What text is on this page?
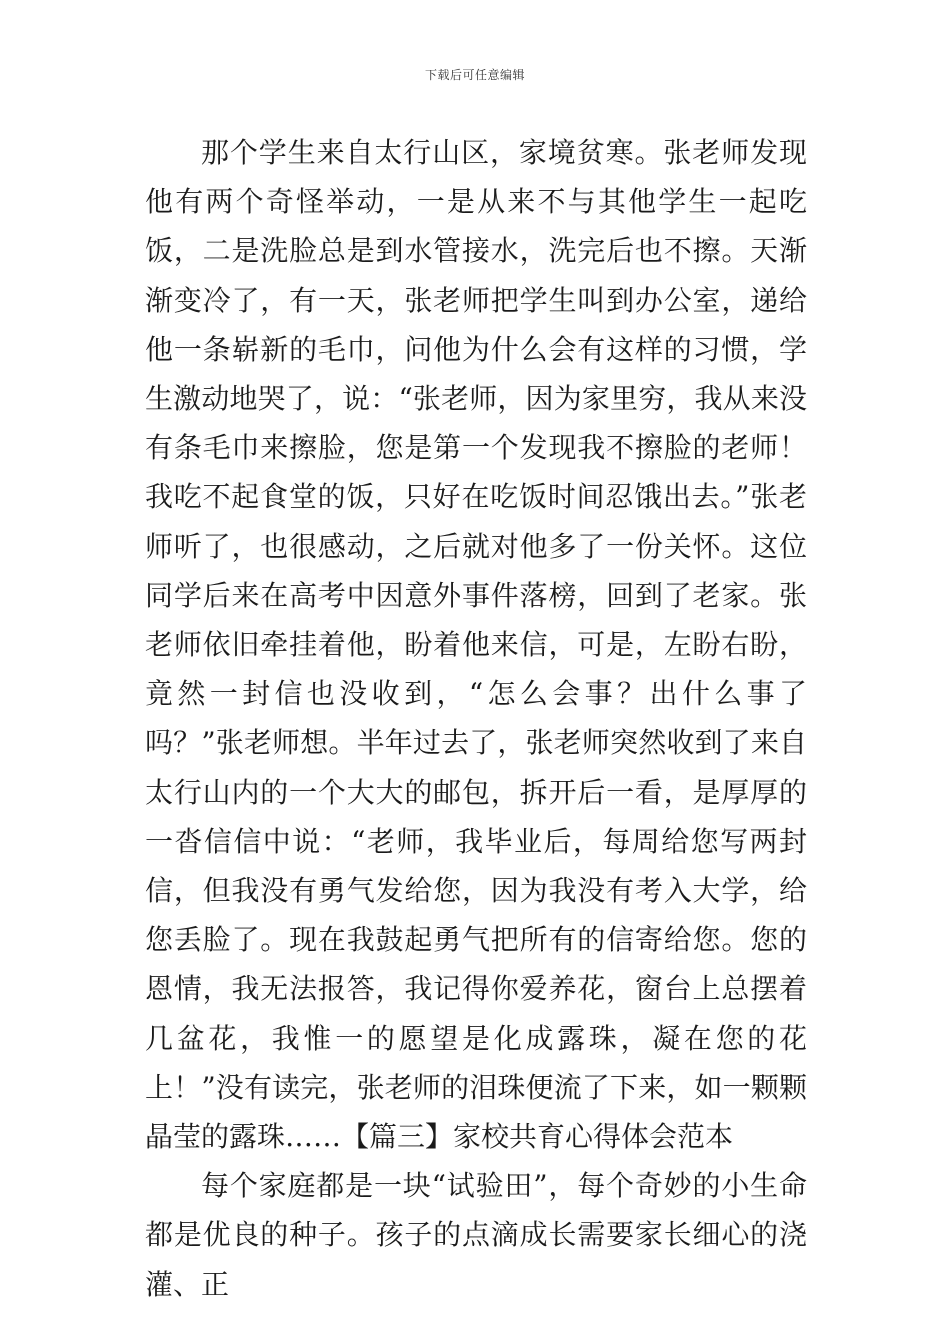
下载后可任意编辑

那个学生来自太行山区，家境贫寒。张老师发现他有两个奇怪举动，一是从来不与其他学生一起吃饭，二是洗脸总是到水管接水，洗完后也不擦。天渐渐变冷了，有一天，张老师把学生叫到办公室，递给他一条崭新的毛巾，问他为什么会有这样的习惯，学生激动地哭了，说：“张老师，因为家里穷，我从来没有条毛巾来擦脸，您是第一个发现我不擦脸的老师！我吃不起食堂的饭，只好在吃饭时间忍饿出去。”张老师听了，也很感动，之后就对他多了一份关怀。这位同学后来在高考中因意外事件落榜，回到了老家。张老师依旧牵挂着他，盼着他来信，可是，左盼右盼，竟然一封信也没收到，“怎么会事？出什么事了吗？”张老师想。半年过去了，张老师突然收到了来自太行山内的一个大大的邮包，拆开后一看，是厚厚的一沓信信中说：“老师，我毕业后，每周给您写两封信，但我没有勇气发给您，因为我没有考入大学，给您丢脸了。现在我鼓起勇气把所有的信寄给您。您的恩情，我无法报答，我记得你爱养花，窗台上总摆着几盆花，我惟一的愿望是化成露珠，凝在您的花上！”没有读完，张老师的泪珠便流了下来，如一颗颗晶莹的露珠……【篇三】家校共育心得体会范本

每个家庭都是一块“试验田”，每个奇妙的小生命都是优良的种子。孩子的点滴成长需要家长细心的浇灌、正
